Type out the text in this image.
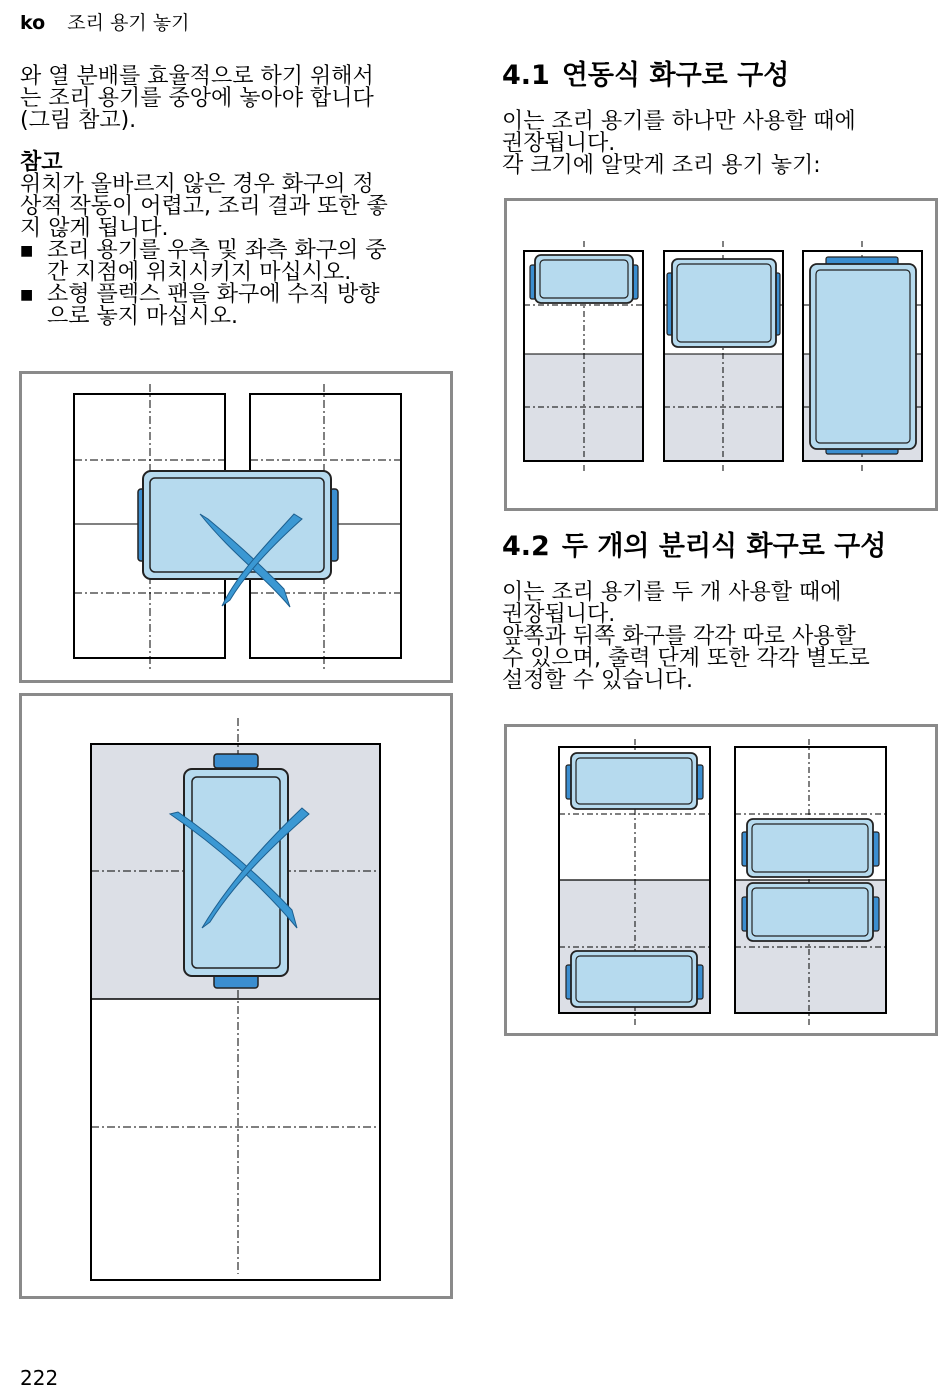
ko 조리 용기 놓기

와 열 분배를 효율적으로 하기 위해서

는 조리 용기를 중앙에 놓아야 합니다

(그림 참고).

참고

위치가 올바르지 않은 경우 화구의 정

상적 작동이 어렵고, 조리 결과 또한 좋

지 않게 됩니다.

■ 조리 용기를 우측 및 좌측 화구의 중
간 지점에 위치시키지 마십시오.
■ 소형 플렉스 팬을 화구에 수직 방향
으로 놓지 마십시오.
4.1 연동식 화구로 구성

이는 조리 용기를 하나만 사용할 때에

권장됩니다.

각 크기에 알맞게 조리 용기 놓기:

4.2 두 개의 분리식 화구로 구성

이는 조리 용기를 두 개 사용할 때에

권장됩니다.

앞쪽과 뒤쪽 화구를 각각 따로 사용할

수 있으며, 출력 단계 또한 각각 별도로

설정할 수 있습니다.

222
